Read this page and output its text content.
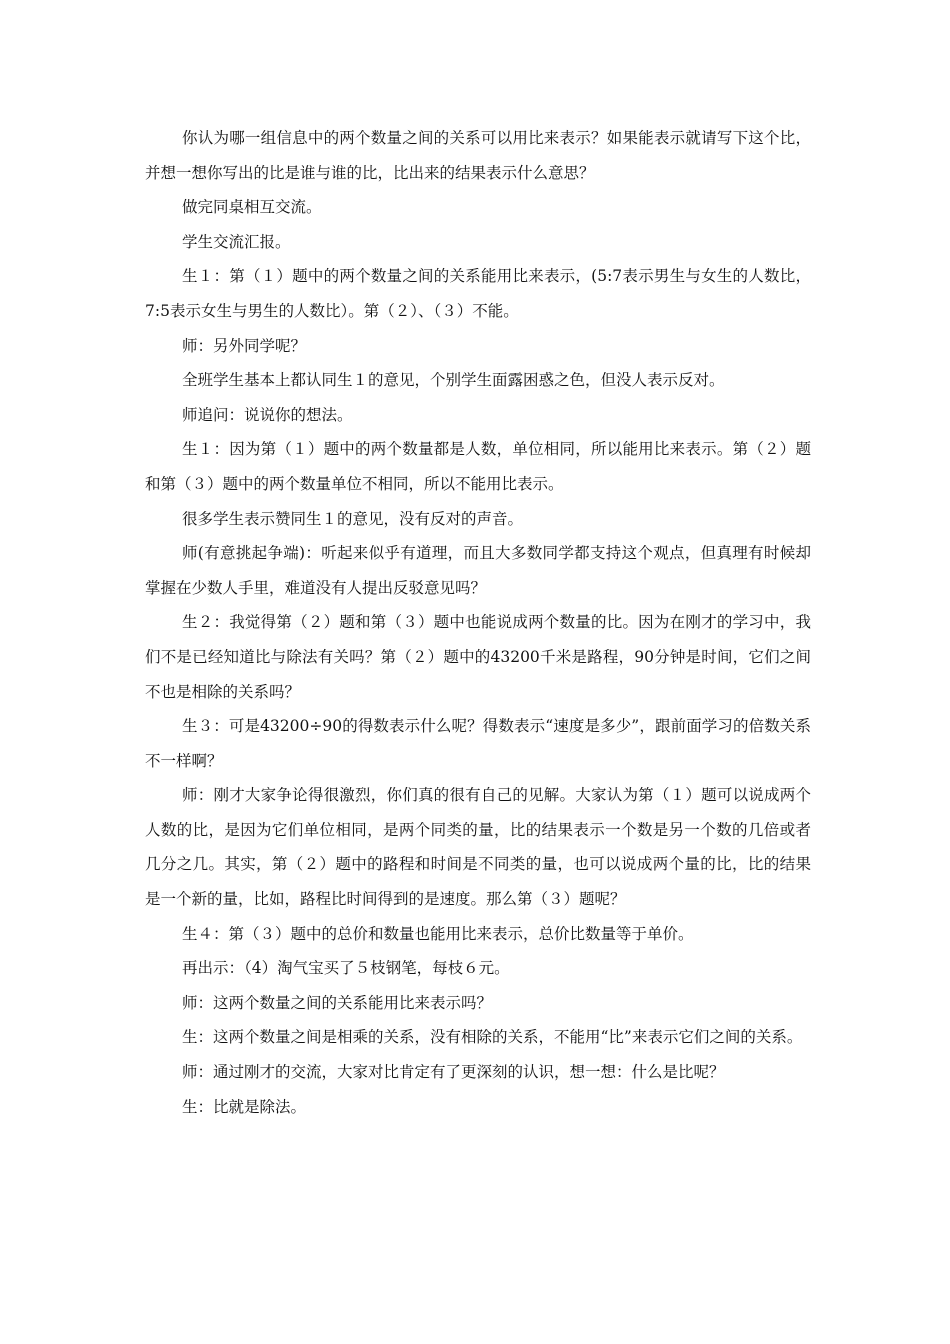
你认为哪一组信息中的两个数量之间的关系可以用比来表示？如果能表示就请写下这个比，并想一想你写出的比是谁与谁的比，比出来的结果表示什么意思？

做完同桌相互交流。

学生交流汇报。

生１：第（１）题中的两个数量之间的关系能用比来表示，(5:7表示男生与女生的人数比，7:5表示女生与男生的人数比）。第（２）、（３）不能。

师：另外同学呢？

全班学生基本上都认同生１的意见，个别学生面露困惑之色，但没人表示反对。

师追问：说说你的想法。

生１：因为第（１）题中的两个数量都是人数，单位相同，所以能用比来表示。第（２）题和第（３）题中的两个数量单位不相同，所以不能用比表示。

很多学生表示赞同生１的意见，没有反对的声音。

师(有意挑起争端)：听起来似乎有道理，而且大多数同学都支持这个观点，但真理有时候却掌握在少数人手里，难道没有人提出反驳意见吗？

生２：我觉得第（２）题和第（３）题中也能说成两个数量的比。因为在刚才的学习中，我们不是已经知道比与除法有关吗？第（２）题中的43200千米是路程，90分钟是时间，它们之间不也是相除的关系吗？

生３：可是43200÷90的得数表示什么呢？得数表示“速度是多少”，跟前面学习的倍数关系不一样啊？

师：刚才大家争论得很激烈，你们真的很有自己的见解。大家认为第（１）题可以说成两个人数的比，是因为它们单位相同，是两个同类的量，比的结果表示一个数是另一个数的几倍或者几分之几。其实，第（２）题中的路程和时间是不同类的量，也可以说成两个量的比，比的结果是一个新的量，比如，路程比时间得到的是速度。那么第（３）题呢？

生４：第（３）题中的总价和数量也能用比来表示，总价比数量等于单价。

再出示：（4）淘气宝买了５枝钢笔，每枝６元。

师：这两个数量之间的关系能用比来表示吗？

生：这两个数量之间是相乘的关系，没有相除的关系，不能用“比”来表示它们之间的关系。

师：通过刚才的交流，大家对比肯定有了更深刻的认识，想一想：什么是比呢？

生：比就是除法。
